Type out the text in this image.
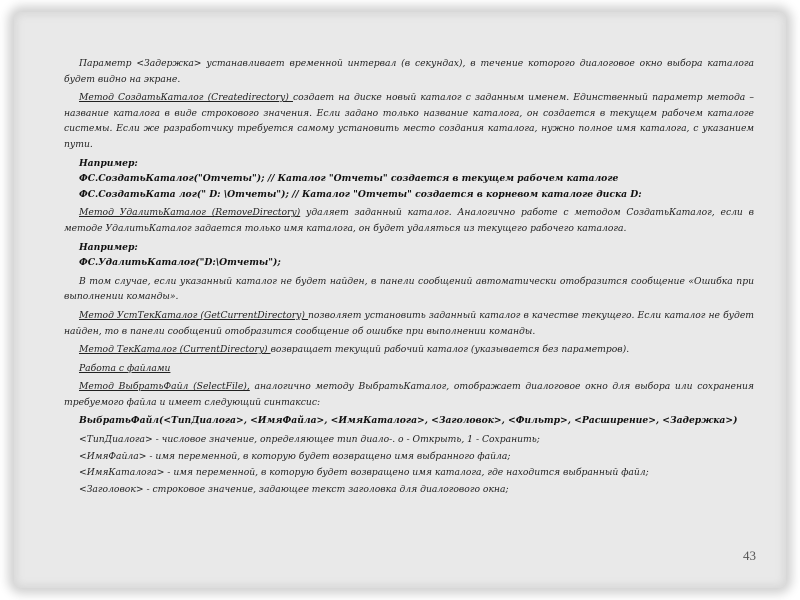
Параметр <Задержка> устанавливает временной интервал (в секундах), в течение которого диалоговое окно выбора каталога будет видно на экране.

Метод СоздатьКаталог (Createdirectory) создает на диске новый каталог с заданным именем. Единственный параметр метода – название каталога в виде строкового значения. Если задано только название каталога, он создается в текущем рабочем каталоге системы. Если же разработчику требуется самому установить место создания каталога, нужно полное имя каталога, с указанием пути.

Например:

ФС.СоздатьКаталог("Отчеты"); // Каталог "Отчеты" создается в текущем рабочем каталоге

ФС.СоздатьКата лог(" D: \Отчеты"); // Каталог "Отчеты" создается в корневом каталоге диска D:

Метод УдалитьКаталог (RemoveDirectory) удаляет заданный каталог. Аналогично работе с методом СоздатьКаталог, если в методе УдалитьКаталог задается только имя каталога, он будет удаляться из текущего рабочего каталога.

Например:

ФС.УдалитьКаталог("D:\Отчеты");

В том случае, если указанный каталог не будет найден, в панели сообщений автоматически отобразится сообщение «Ошибка при выполнении команды».

Метод УстТекКаталог (GetCurrentDirectory) позволяет установить заданный каталог в качестве текущего. Если каталог не будет найден, то в панели сообщений отобразится сообщение об ошибке при выполнении команды.

Метод ТекКаталог (CurrentDirectory) возвращает текущий рабочий каталог (указывается без параметров).

Работа с файлами

Метод ВыбратьФайл (SelectFile), аналогично методу ВыбратьКаталог, отображает диалоговое окно для выбора или сохранения требуемого файла и имеет следующий синтаксис:

ВыбратьФайл(<ТипДиалога>, <ИмяФайла>, <ИмяКаталога>, <Заголовок>, <Фильтр>, <Расширение>, <Задержка>)

<ТипДиалога> - числовое значение, определяющее тип диало-. о - Открыть, 1 - Сохранить;

<ИмяФайла> - имя переменной, в которую будет возвращено имя выбранного файла;

<ИмяКаталога> - имя переменной, в которую будет возвращено имя каталога, где находится выбранный файл;

<Заголовок> - строковое значение, задающее текст заголовка для диалогового окна;

43
